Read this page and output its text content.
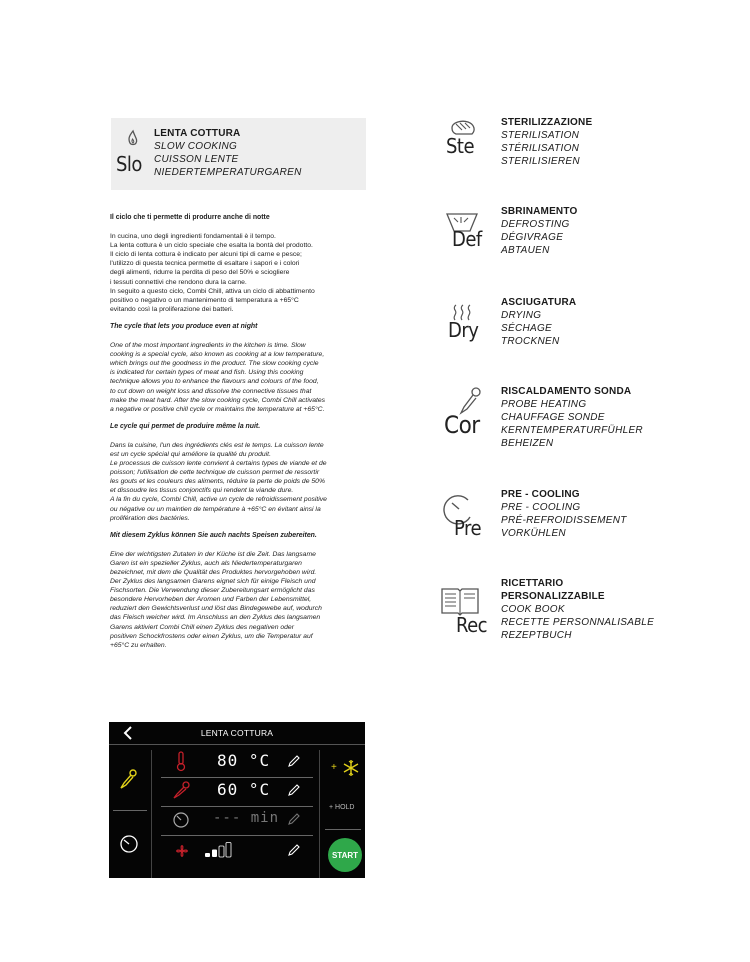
Slo
LENTA COTTURA
SLOW COOKING
CUISSON LENTE
NIEDERTEMPERATURGAREN
Il ciclo che ti permette di produrre anche di notte

In cucina, uno degli ingredienti fondamentali è il tempo.
La lenta cottura è un ciclo speciale che esalta la bontà del prodotto.
Il ciclo di lenta cottura è indicato per alcuni tipi di carne e pesce;
l'utilizzo di questa tecnica permette di esaltare i sapori e i colori
degli alimenti, ridurre la perdita di peso del 50% e sciogliere
i tessuti connettivi che rendono dura la carne.
In seguito a questo ciclo, Combi Chill, attiva un ciclo di abbattimento
positivo o negativo o un mantenimento di temperatura a +65°C
evitando così la proliferazione dei batteri.

The cycle that lets you produce even at night

One of the most important ingredients in the kitchen is time. Slow
cooking is a special cycle, also known as cooking at a low temperature,
which brings out the goodness in the product. The slow cooking cycle
is indicated for certain types of meat and fish. Using this cooking
technique allows you to enhance the flavours and colours of the food,
to cut down on weight loss and dissolve the connective tissues that
make the meat hard. After the slow cooking cycle, Combi Chill activates
a negative or positive chill cycle or maintains the temperature at +65°C.

Le cycle qui permet de produire même la nuit.

Dans la cuisine, l'un des ingrédients clés est le temps. La cuisson lente
est un cycle spécial qui améliore la qualité du produit.
Le processus de cuisson lente convient à certains types de viande et de
poisson; l'utilisation de cette technique de cuisson permet de ressortir
les gouts et les couleurs des aliments, réduire la perte de poids de 50%
et dissoudre les tissus conjonctifs qui rendent la viande dure.
A la fin du cycle, Combi Chill, active un cycle de refroidissement positive
ou négative ou un maintien de température à +65°C en évitant ainsi la
prolifération des bactéries.

Mit diesem Zyklus können Sie auch nachts Speisen zubereiten.

Eine der wichtigsten Zutaten in der Küche ist die Zeit. Das langsame
Garen ist ein spezieller Zyklus, auch als Niedertemperaturgaren
bezeichnet, mit dem die Qualität des Produktes hervorgehoben wird.
Der Zyklus des langsamen Garens eignet sich für einige Fleisch und
Fischsorten. Die Verwendung dieser Zubereitungsart ermöglicht das
besondere Hervorheben der Aromen und Farben der Lebensmittel,
reduziert den Gewichtsverlust und löst das Bindegewebe auf, wodurch
das Fleisch weicher wird. Im Anschluss an den Zyklus des langsamen
Garens aktiviert Combi Chill einen Zyklus des negativen oder
positiven Schockfrostens oder einen Zyklus, um die Temperatur auf
+65°C zu erhalten.

Ste
STERILIZZAZIONE
STERILISATION
STÉRILISATION
STERILISIEREN
Def
SBRINAMENTO
DEFROSTING
DÉGIVRAGE
ABTAUEN
Dry
ASCIUGATURA
DRYING
SÉCHAGE
TROCKNEN
Cor
RISCALDAMENTO SONDA
PROBE HEATING
CHAUFFAGE SONDE
KERNTEMPERATURFÜHLER
BEHEIZEN
Pre
PRE - COOLING
PRE - COOLING
PRÉ-REFROIDISSEMENT
VORKÜHLEN
Rec
RICETTARIO
PERSONALIZZABILE
COOK BOOK
RECETTE PERSONNALISABLE
REZEPTBUCH
LENTA COTTURA
80 °C
60 °C
--- min
+
+ HOLD
START
